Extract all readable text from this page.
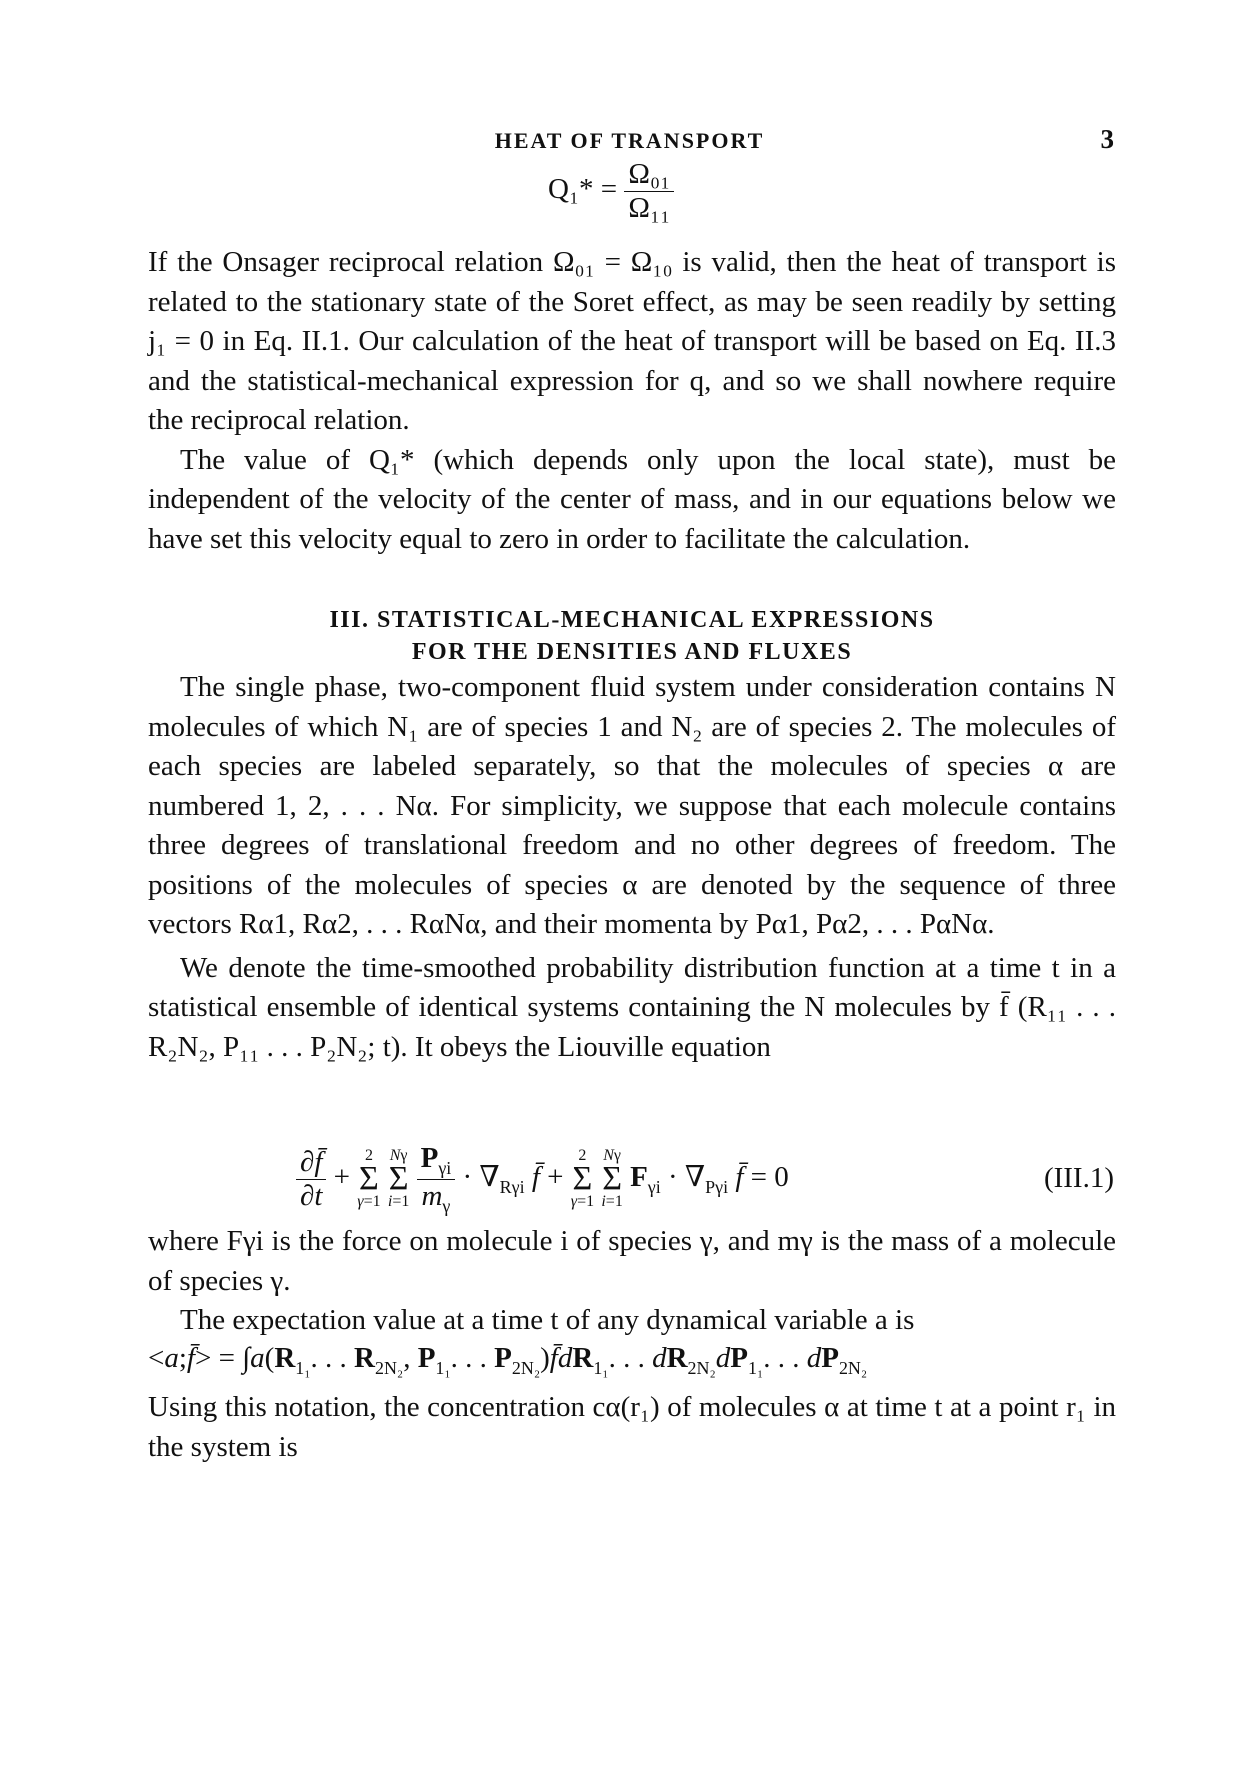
HEAT OF TRANSPORT	3
$Q_1* = \frac{\text{Ω₀₁}}{\text{Ω₁₁}}$

If the Onsager reciprocal relation Ω₀₁ = Ω₁₀ is valid, then the heat of transport is related to the stationary state of the Soret effect, as may be seen readily by setting j₁ = 0 in Eq. II.1. Our calculation of the heat of transport will be based on Eq. II.3 and the statistical-mechanical expression for q, and so we shall nowhere require the reciprocal relation.

The value of Q₁* (which depends only upon the local state), must be independent of the velocity of the center of mass, and in our equations below we have set this velocity equal to zero in order to facilitate the calculation.

III. STATISTICAL-MECHANICAL EXPRESSIONS
FOR THE DENSITIES AND FLUXES

The single phase, two-component fluid system under consideration contains N molecules of which N₁ are of species 1 and N₂ are of species 2. The molecules of each species are labeled separately, so that the molecules of species α are numbered 1, 2, . . . Nα. For simplicity, we suppose that each molecule contains three degrees of translational freedom and no other degrees of freedom. The positions of the molecules of species α are denoted by the sequence of three vectors Rα1, Rα2, . . . RαNα, and their momenta by Pα1, Pα2, . . . PαNα.

We denote the time-smoothed probability distribution function at a time t in a statistical ensemble of identical systems containing the N molecules by f̄ (R₁₁ . . . R₂N₂, P₁₁ . . . P₂N₂; t). It obeys the Liouville equation

$\frac{\partial f̄}{\partial t} + 2$
Σ
γ=1 Nγ
Σ
$i=1 \frac{P_{\gamma i}}{m_\gamma} \cdot \nabla_{R\gamma i}$ f̄ + 2
Σ
γ=1 Nγ
Σ
i=1 $F_{\gamma i} \cdot \nabla_{P\gamma i}$ f̄ = 0	(III.1)

where Fγi is the force on molecule i of species γ, and mγ is the mass of a molecule of species γ.

The expectation value at a time t of any dynamical variable a is

<a;f̄> = $\int a(R_{1_1}$. . . $R_{2N_2}$, $P_{1_1}$. . . $P_{2N_2})f̄dR_{1_1}$. . . $dR_{2N_2}dP_{1_1}$. . . $dP_{2N_2}$

Using this notation, the concentration cα(r₁) of molecules α at time t at a point r₁ in the system is
